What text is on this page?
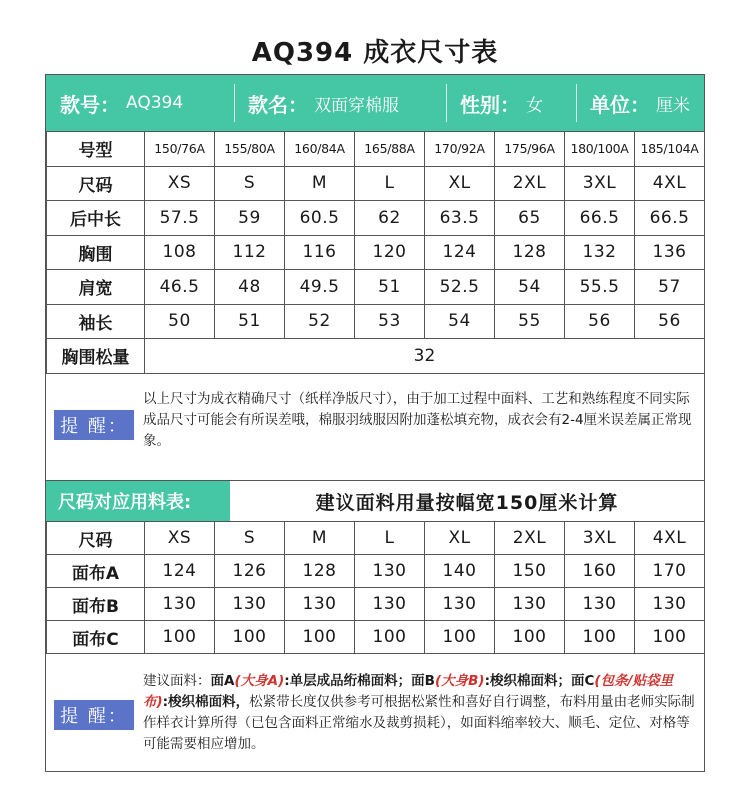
AQ394 成衣尺寸表
款号： AQ394	款名： 双面穿棉服	性别： 女 单位： 厘米
号型	150/76A	155/80A	160/84A	165/88A	170/92A	175/96A	180/100A	185/104A
尺码	XS	S	M	L	XL	2XL	3XL	4XL
后中长	57.5	59	60.5	62	63.5	65	66.5	66.5
胸围	108	112	116	120	124	128	132	136
肩宽	46.5	48	49.5	51	52.5	54	55.5	57
袖长	50	51	52	53	54	55	56	56
胸围松量	32							
提 醒：
以上尺寸为成衣精确尺寸（纸样净版尺寸），由于加工过程中面料、工艺和熟练程度不同实际成品尺寸可能会有所误差哦，棉服羽绒服因附加蓬松填充物，成衣会有2-4厘米误差属正常现象。
尺码对应用料表:	建议面料用量按幅宽150厘米计算
尺码	XS	S	M	L	XL	2XL	3XL	4XL
面布A	124	126	128	130	140	150	160	170
面布B	130	130	130	130	130	130	130	130
面布C	100	100	100	100	100	100	100	100
提 醒：
建议面料：面A(大身A):单层成品绗棉面料；面B(大身B):梭织棉面料；面C(包条/贴袋里布):梭织棉面料，松紧带长度仅供参考可根据松紧性和喜好自行调整，布料用量由老师实际制作样衣计算所得（已包含面料正常缩水及裁剪损耗），如面料缩率较大、顺毛、定位、对格等可能需要相应增加。
